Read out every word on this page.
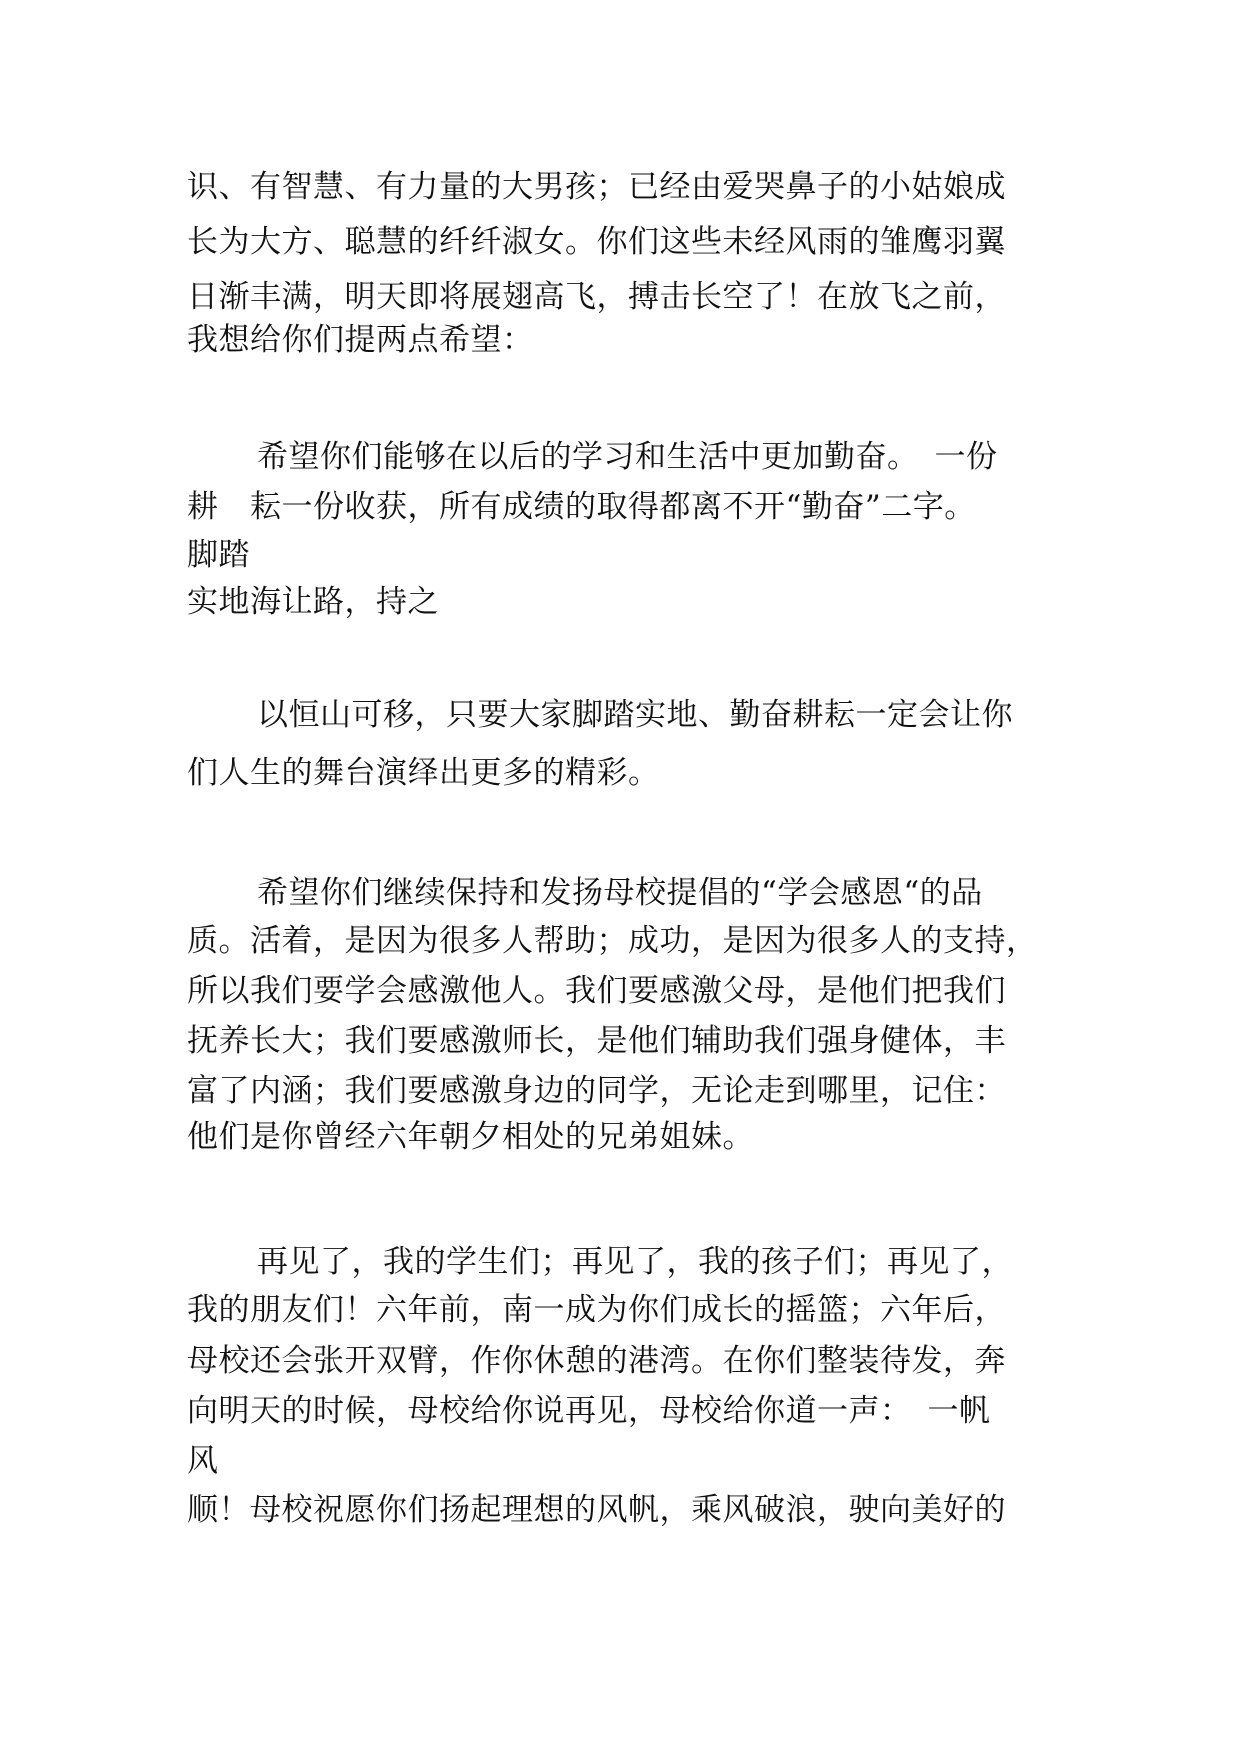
识、有智慧、有力量的大男孩；已经由爱哭鼻子的小姑娘成
长为大方、聪慧的纤纤淑女。你们这些未经风雨的雏鹰羽翼
日渐丰满，明天即将展翅高飞，搏击长空了！在放飞之前，
我想给你们提两点希望：
希望你们能够在以后的学习和生活中更加勤奋。　一份
耕　耘一份收获，所有成绩的取得都离不开“勤奋”二字。
脚踏
实地海让路，持之
以恒山可移，只要大家脚踏实地、勤奋耕耘一定会让你
们人生的舞台演绎出更多的精彩。
希望你们继续保持和发扬母校提倡的“学会感恩“的品
质。活着，是因为很多人帮助；成功，是因为很多人的支持，
所以我们要学会感激他人。我们要感激父母，是他们把我们
抚养长大；我们要感激师长，是他们辅助我们强身健体，丰
富了内涵；我们要感激身边的同学，无论走到哪里，记住：
他们是你曾经六年朝夕相处的兄弟姐妹。
再见了，我的学生们；再见了，我的孩子们；再见了，
我的朋友们！六年前，南一成为你们成长的摇篮；六年后，
母校还会张开双臂，作你休憩的港湾。在你们整装待发，奔
向明天的时候，母校给你说再见，母校给你道一声：　一帆
风
顺！母校祝愿你们扬起理想的风帆，乘风破浪，驶向美好的
